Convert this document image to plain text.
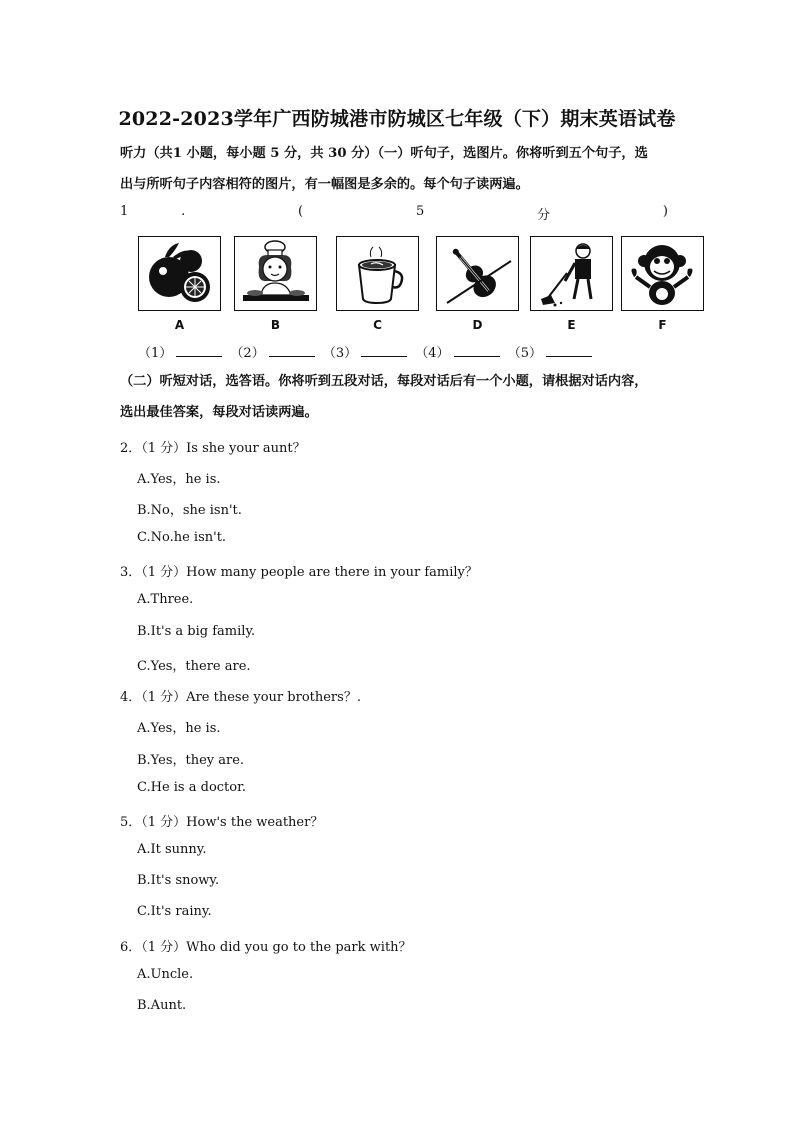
2022-2023学年广西防城港市防城区七年级（下）期末英语试卷
听力（共1 小题，每小题 5 分，共 30 分）（一）听句子，选图片。你将听到五个句子，选
出与所听句子内容相符的图片，有一幅图是多余的。每个句子读两遍。
1	.	(	5	分	)
A	B	C	D	E	F
（1）	（2）	（3）	（4）	（5）
（二）听短对话，选答语。你将听到五段对话，每段对话后有一个小题，请根据对话内容，
选出最佳答案，每段对话读两遍。
2．（1 分）Is she your aunt？
A.Yes，he is.
B.No，she isn't.
C.No.he isn't.
3．（1 分）How many people are there in your family？
A.Three.
B.It's a big family.
C.Yes，there are.
4．（1 分）Are these your brothers？.
A.Yes，he is.
B.Yes，they are.
C.He is a doctor.
5．（1 分）How's the weather？
A.It sunny.
B.It's snowy.
C.It's rainy.
6．（1 分）Who did you go to the park with？
A.Uncle.
B.Aunt.
